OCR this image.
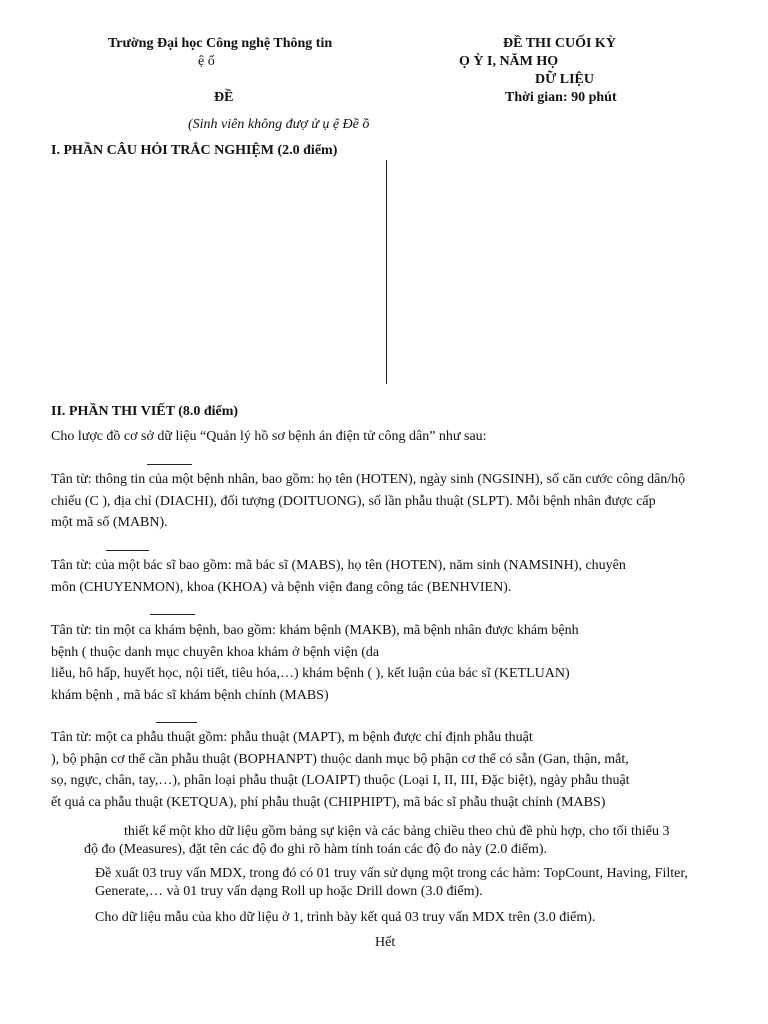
Trường Đại học Công nghệ Thông tin
ệ ố
ĐỀ
ĐỀ THI CUỐI KỲ
Ọ Ỳ I, NĂM HỌ
DỮ LIỆU
Thời gian: 90 phút
(Sinh viên không đượ ử ụ ệ Đề ồ
I. PHẦN CÂU HỎI TRẮC NGHIỆM (2.0 điểm)
II. PHẦN THI VIẾT (8.0 điểm)
Cho lược đồ cơ sở dữ liệu “Quản lý hồ sơ bệnh án điện tử công dân” như sau:
Tân từ: thông tin của một bệnh nhân, bao gồm: họ tên (HOTEN), ngày sinh (NGSINH), số căn cước công dân/hộ
chiếu (C ), địa chỉ (DIACHI), đối tượng (DOITUONG), số lần phẫu thuật (SLPT). Mỗi bệnh nhân được cấp
một mã số (MABN).
Tân từ: của một bác sĩ bao gồm: mã bác sĩ (MABS), họ tên (HOTEN), năm sinh (NAMSINH), chuyên
môn (CHUYENMON), khoa (KHOA) và bệnh viện đang công tác (BENHVIEN).
Tân từ: tin một ca khám bệnh, bao gồm: khám bệnh (MAKB), mã bệnh nhân được khám bệnh
bệnh ( thuộc danh mục chuyên khoa khám ở bệnh viện (da
liễu, hô hấp, huyết học, nội tiết, tiêu hóa,…) khám bệnh ( ), kết luận của bác sĩ (KETLUAN)
khám bệnh , mã bác sĩ khám bệnh chính (MABS)
Tân từ: một ca phẫu thuật gồm: phẫu thuật (MAPT), m bệnh được chỉ định phẫu thuật
), bộ phận cơ thể cần phẫu thuật (BOPHANPT) thuộc danh mục bộ phận cơ thể có sẵn (Gan, thận, mắt,
sọ, ngực, chân, tay,…), phân loại phẫu thuật (LOAIPT) thuộc (Loại I, II, III, Đặc biệt), ngày phẫu thuật
ết quả ca phẫu thuật (KETQUA), phí phẫu thuật (CHIPHIPT), mã bác sĩ phẫu thuật chính (MABS)
thiết kế một kho dữ liệu gồm bảng sự kiện và các bảng chiều theo chủ đề phù hợp, cho tối thiểu 3
độ đo (Measures), đặt tên các độ đo ghi rõ hàm tính toán các độ đo này (2.0 điểm).
Đề xuất 03 truy vấn MDX, trong đó có 01 truy vấn sử dụng một trong các hàm: TopCount, Having, Filter,
Generate,… và 01 truy vấn dạng Roll up hoặc Drill down (3.0 điểm).
Cho dữ liệu mẫu của kho dữ liệu ở 1, trình bày kết quả 03 truy vấn MDX trên (3.0 điểm).
Hết
